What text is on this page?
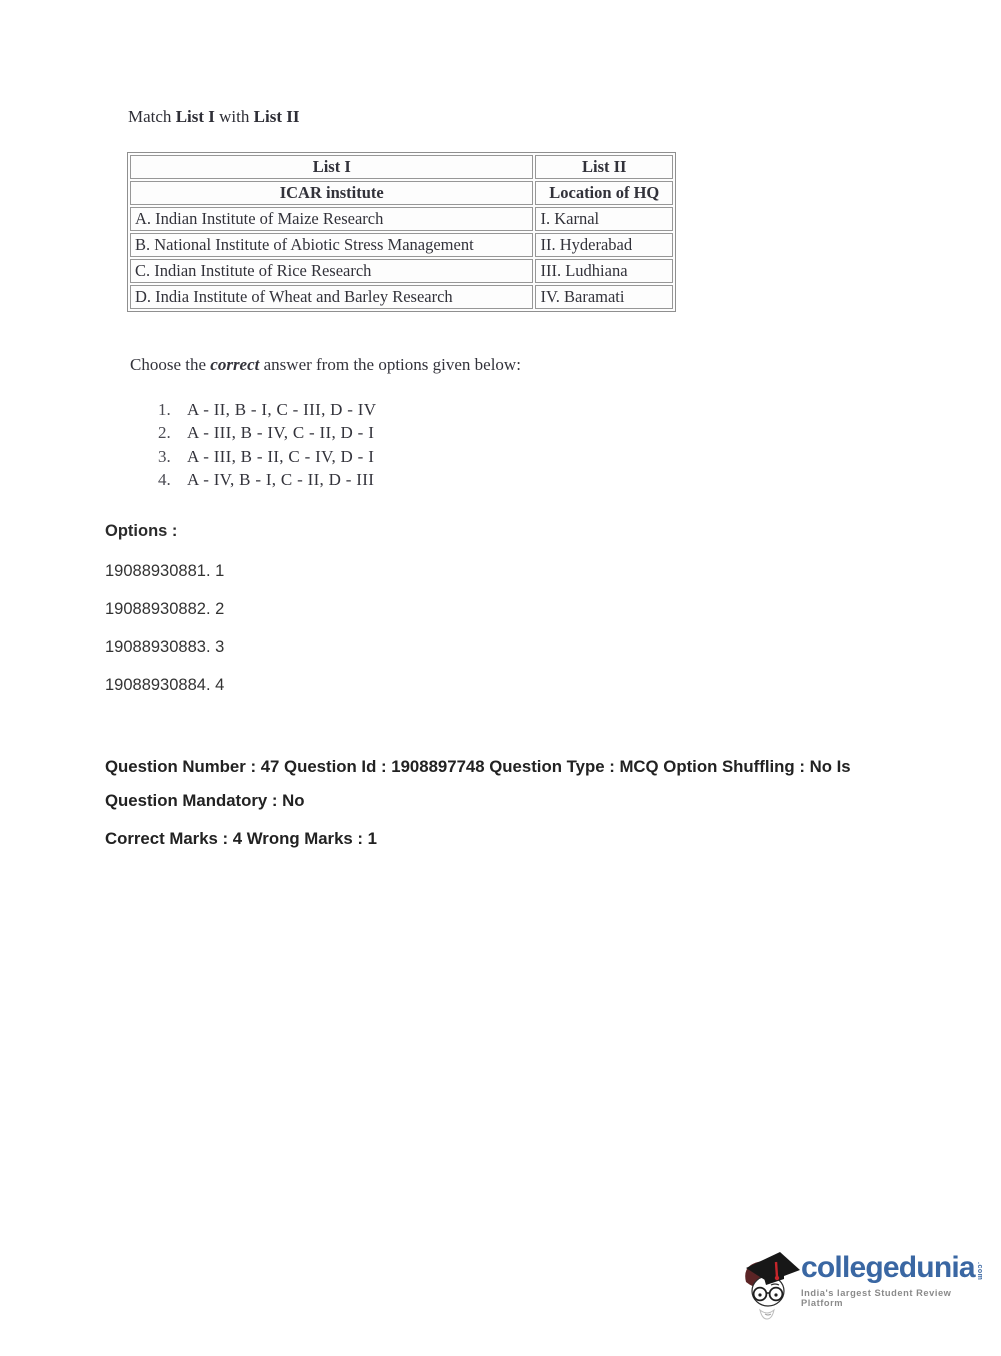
Match List I with List II
List I	List II
ICAR institute	Location of HQ
A. Indian Institute of Maize Research	I. Karnal
B. National Institute of Abiotic Stress Management	II. Hyderabad
C. Indian Institute of Rice Research	III. Ludhiana
D. India Institute of Wheat and Barley Research	IV. Baramati
Choose the correct answer from the options given below:
1. A - II, B - I, C - III, D - IV
2. A - III, B - IV, C - II, D - I
3. A - III, B - II, C - IV, D - I
4. A - IV, B - I, C - II, D - III
Options :
19088930881. 1
19088930882. 2
19088930883. 3
19088930884. 4
Question Number : 47 Question Id : 1908897748 Question Type : MCQ Option Shuffling : No Is
Question Mandatory : No
Correct Marks : 4 Wrong Marks : 1
collegedunia .com
India's largest Student Review Platform
